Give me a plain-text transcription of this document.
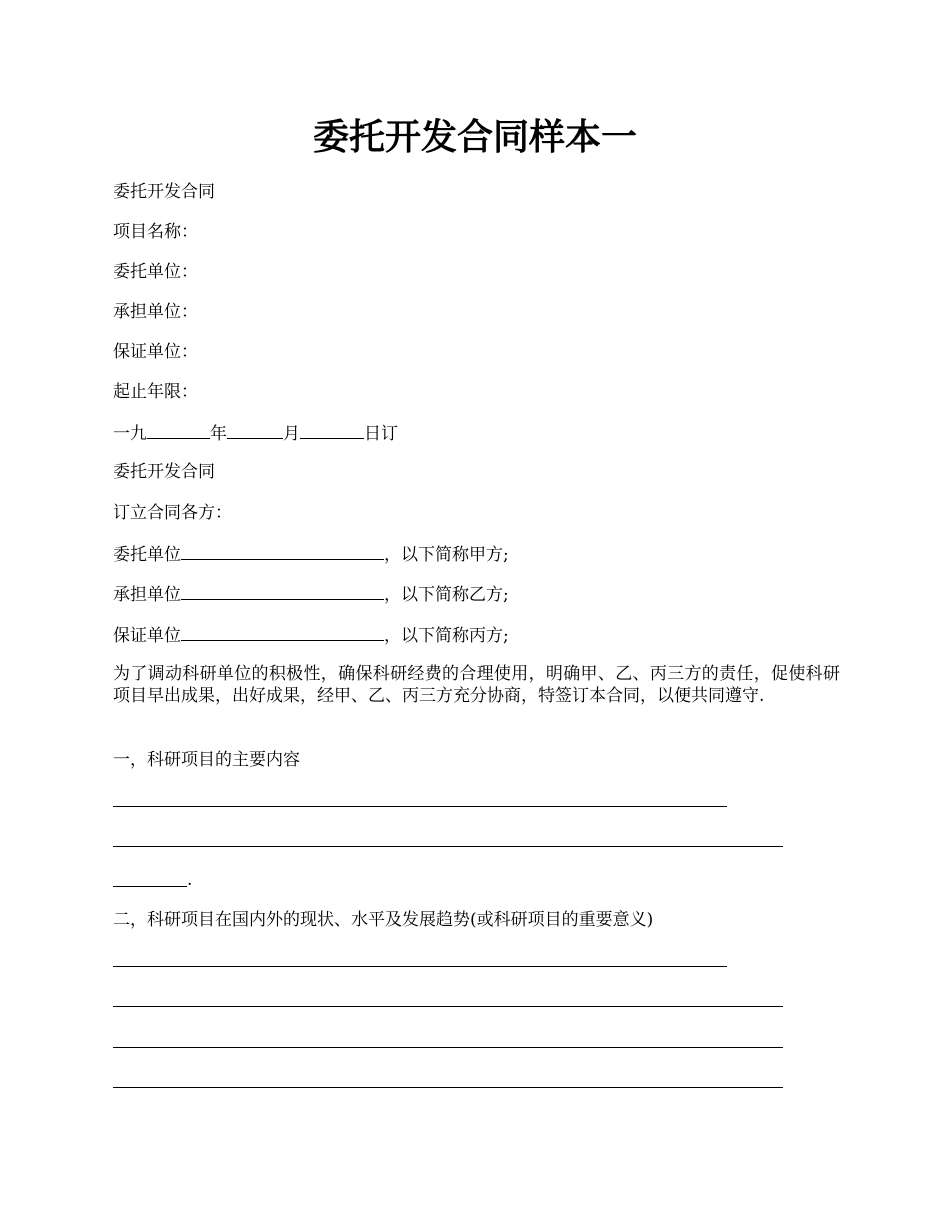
委托开发合同样本一
委托开发合同
项目名称：
委托单位：
承担单位：
保证单位：
起止年限：
一九	年	月	日订
委托开发合同
订立合同各方：
委托单位	，以下简称甲方;
承担单位	，以下简称乙方;
保证单位	，以下简称丙方;
为了调动科研单位的积极性，确保科研经费的合理使用，明确甲、乙、丙三方的责任，促使科研项目早出成果，出好成果，经甲、乙、丙三方充分协商，特签订本合同，以便共同遵守.
一，科研项目的主要内容
.
二，科研项目在国内外的现状、水平及发展趋势(或科研项目的重要意义)
